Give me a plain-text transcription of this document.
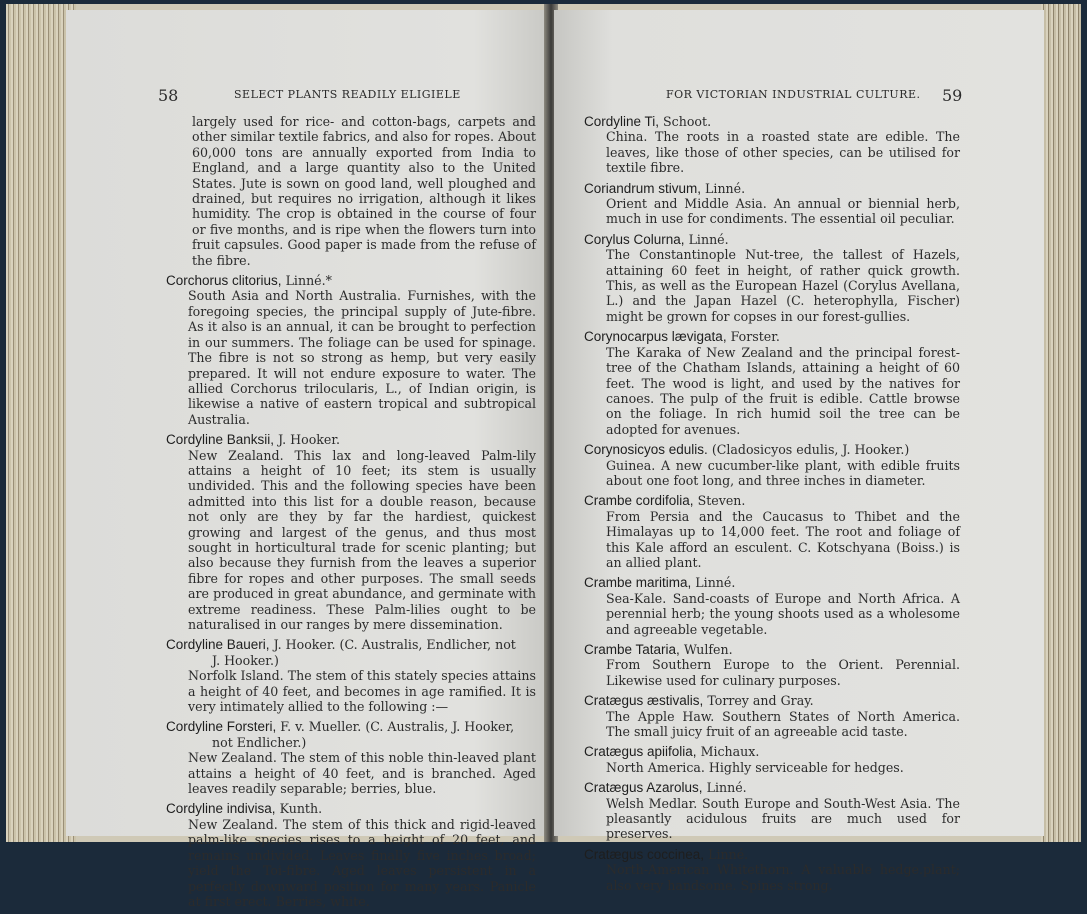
58	SELECT PLANTS READILY ELIGIELE

largely used for rice- and cotton-bags, carpets and other similar textile fabrics, and also for ropes. About 60,000 tons are annually exported from India to England, and a large quantity also to the United States. Jute is sown on good land, well ploughed and drained, but requires no irrigation, although it likes humidity. The crop is obtained in the course of four or five months, and is ripe when the flowers turn into fruit capsules. Good paper is made from the refuse of the fibre.

Corchorus clitorius, Linné.*
South Asia and North Australia. Furnishes, with the foregoing species, the principal supply of Jute-fibre. As it also is an annual, it can be brought to perfection in our summers. The foliage can be used for spinage. The fibre is not so strong as hemp, but very easily prepared. It will not endure exposure to water. The allied Corchorus trilocularis, L., of Indian origin, is likewise a native of eastern tropical and subtropical Australia.
Cordyline Banksii, J. Hooker.
New Zealand. This lax and long-leaved Palm-lily attains a height of 10 feet; its stem is usually undivided. This and the following species have been admitted into this list for a double reason, because not only are they by far the hardiest, quickest growing and largest of the genus, and thus most sought in horticultural trade for scenic planting; but also because they furnish from the leaves a superior fibre for ropes and other purposes. The small seeds are produced in great abundance, and germinate with extreme readiness. These Palm-lilies ought to be naturalised in our ranges by mere dissemination.
Cordyline Baueri, J. Hooker. (C. Australis, Endlicher, not
J. Hooker.)
Norfolk Island. The stem of this stately species attains a height of 40 feet, and becomes in age ramified. It is very intimately allied to the following :—
Cordyline Forsteri, F. v. Mueller. (C. Australis, J. Hooker,
not Endlicher.)
New Zealand. The stem of this noble thin-leaved plant attains a height of 40 feet, and is branched. Aged leaves readily separable; berries, blue.
Cordyline indivisa, Kunth.
New Zealand. The stem of this thick and rigid-leaved palm-like species rises to a height of 20 feet, and remains undivided. Leaves finally five inches broad; yield the Toi-fibre. Aged leaves persistent in a perfectly downward position for many years. Panicle at first erect. Berries, white.
FOR VICTORIAN INDUSTRIAL CULTURE. 59
Cordyline Ti, Schoot.
China. The roots in a roasted state are edible. The leaves, like those of other species, can be utilised for textile fibre.
Coriandrum stivum, Linné.
Orient and Middle Asia. An annual or biennial herb, much in use for condiments. The essential oil peculiar.
Corylus Colurna, Linné.
The Constantinople Nut-tree, the tallest of Hazels, attaining 60 feet in height, of rather quick growth. This, as well as the European Hazel (Corylus Avellana, L.) and the Japan Hazel (C. heterophylla, Fischer) might be grown for copses in our forest-gullies.
Corynocarpus lævigata, Forster.
The Karaka of New Zealand and the principal forest-tree of the Chatham Islands, attaining a height of 60 feet. The wood is light, and used by the natives for canoes. The pulp of the fruit is edible. Cattle browse on the foliage. In rich humid soil the tree can be adopted for avenues.
Corynosicyos edulis. (Cladosicyos edulis, J. Hooker.)
Guinea. A new cucumber-like plant, with edible fruits about one foot long, and three inches in diameter.
Crambe cordifolia, Steven.
From Persia and the Caucasus to Thibet and the Himalayas up to 14,000 feet. The root and foliage of this Kale afford an esculent. C. Kotschyana (Boiss.) is an allied plant.
Crambe maritima, Linné.
Sea-Kale. Sand-coasts of Europe and North Africa. A perennial herb; the young shoots used as a wholesome and agreeable vegetable.
Crambe Tataria, Wulfen.
From Southern Europe to the Orient. Perennial. Likewise used for culinary purposes.
Cratægus æstivalis, Torrey and Gray.
The Apple Haw. Southern States of North America. The small juicy fruit of an agreeable acid taste.
Cratægus apiifolia, Michaux.
North America. Highly serviceable for hedges.
Cratægus Azarolus, Linné.
Welsh Medlar. South Europe and South-West Asia. The pleasantly acidulous fruits are much used for preserves.
Cratægus coccinea, Linné.
North-American Whitethorn. A valuable hedge.plant; also very handsome. Spines strong.
